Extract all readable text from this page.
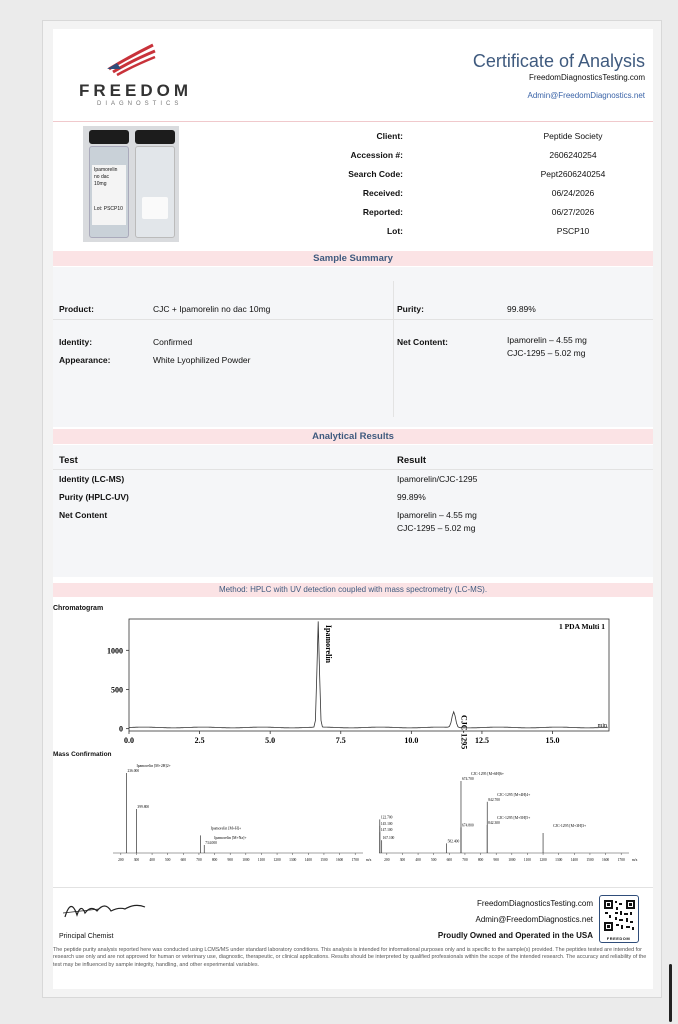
FREEDOM
DIAGNOSTICS
Certificate of Analysis
FreedomDiagnosticsTesting.com
Admin@FreedomDiagnostics.net
Ipamorelin
no dac
10mg
Lot: PSCP10
Client:	Peptide Society
Accession #:	2606240254
Search Code:	Pept2606240254
Received:	06/24/2026
Reported:	06/27/2026
Lot:	PSCP10
Sample Summary
Product:	CJC + Ipamorelin no dac 10mg	Purity:	99.89%
Identity:	Confirmed
Appearance:	White Lyophilized Powder
Net Content:	Ipamorelin – 4.55 mg
CJC-1295 – 5.02 mg
Analytical Results
Test	Result
Identity (LC-MS)	Ipamorelin/CJC-1295
Purity (HPLC-UV)	99.89%
Net Content	Ipamorelin – 4.55 mg
CJC-1295 – 5.02 mg
Method: HPLC with UV detection coupled with mass spectrometry (LC-MS).
Chromatogram
0.0	2.5	5.0	7.5	10.0	12.5	15.0
0
500
1000
min
1 PDA Multi 1
Ipamorelin
CJC-1295
Mass Confirmation
200	300	400	500	600	700	800	900	1000 1100 1200 1300 1400 1500 1600 1700 m/z
236.000
Ipamorelin [M+2H]2+
399.800
Ipamorelin [M+H]+
734.000
Ipamorelin [M+Na]+
200	300	400	500	600	700	800	900	1000 1100 1200 1300 1400 1500 1600 1700 m/z
122.700
145.100
147.100
167.100
582.400
674.700
CJC-1295 [M+6H]6+
674.800
842.300
CJC-1295 [M+5H]5+
842.700
CJC-1295 [M+4H]4+
CJC-1295 [M+3H]3+
Principal Chemist
FreedomDiagnosticsTesting.com
Admin@FreedomDiagnostics.net
Proudly Owned and Operated in the USA	FREEDOM
The peptide purity analysis reported here was conducted using LCMS/MS under standard laboratory conditions. This analysis is intended for informational purposes only and is specific to the sample(s) provided. The peptides tested are intended for research use only and are not approved for human or veterinary use, diagnostic, therapeutic, or clinical applications. Results should be interpreted by qualified professionals within the scope of the intended research. The accuracy and reliability of the test may be influenced by sample integrity, handling, and other experimental variables.
